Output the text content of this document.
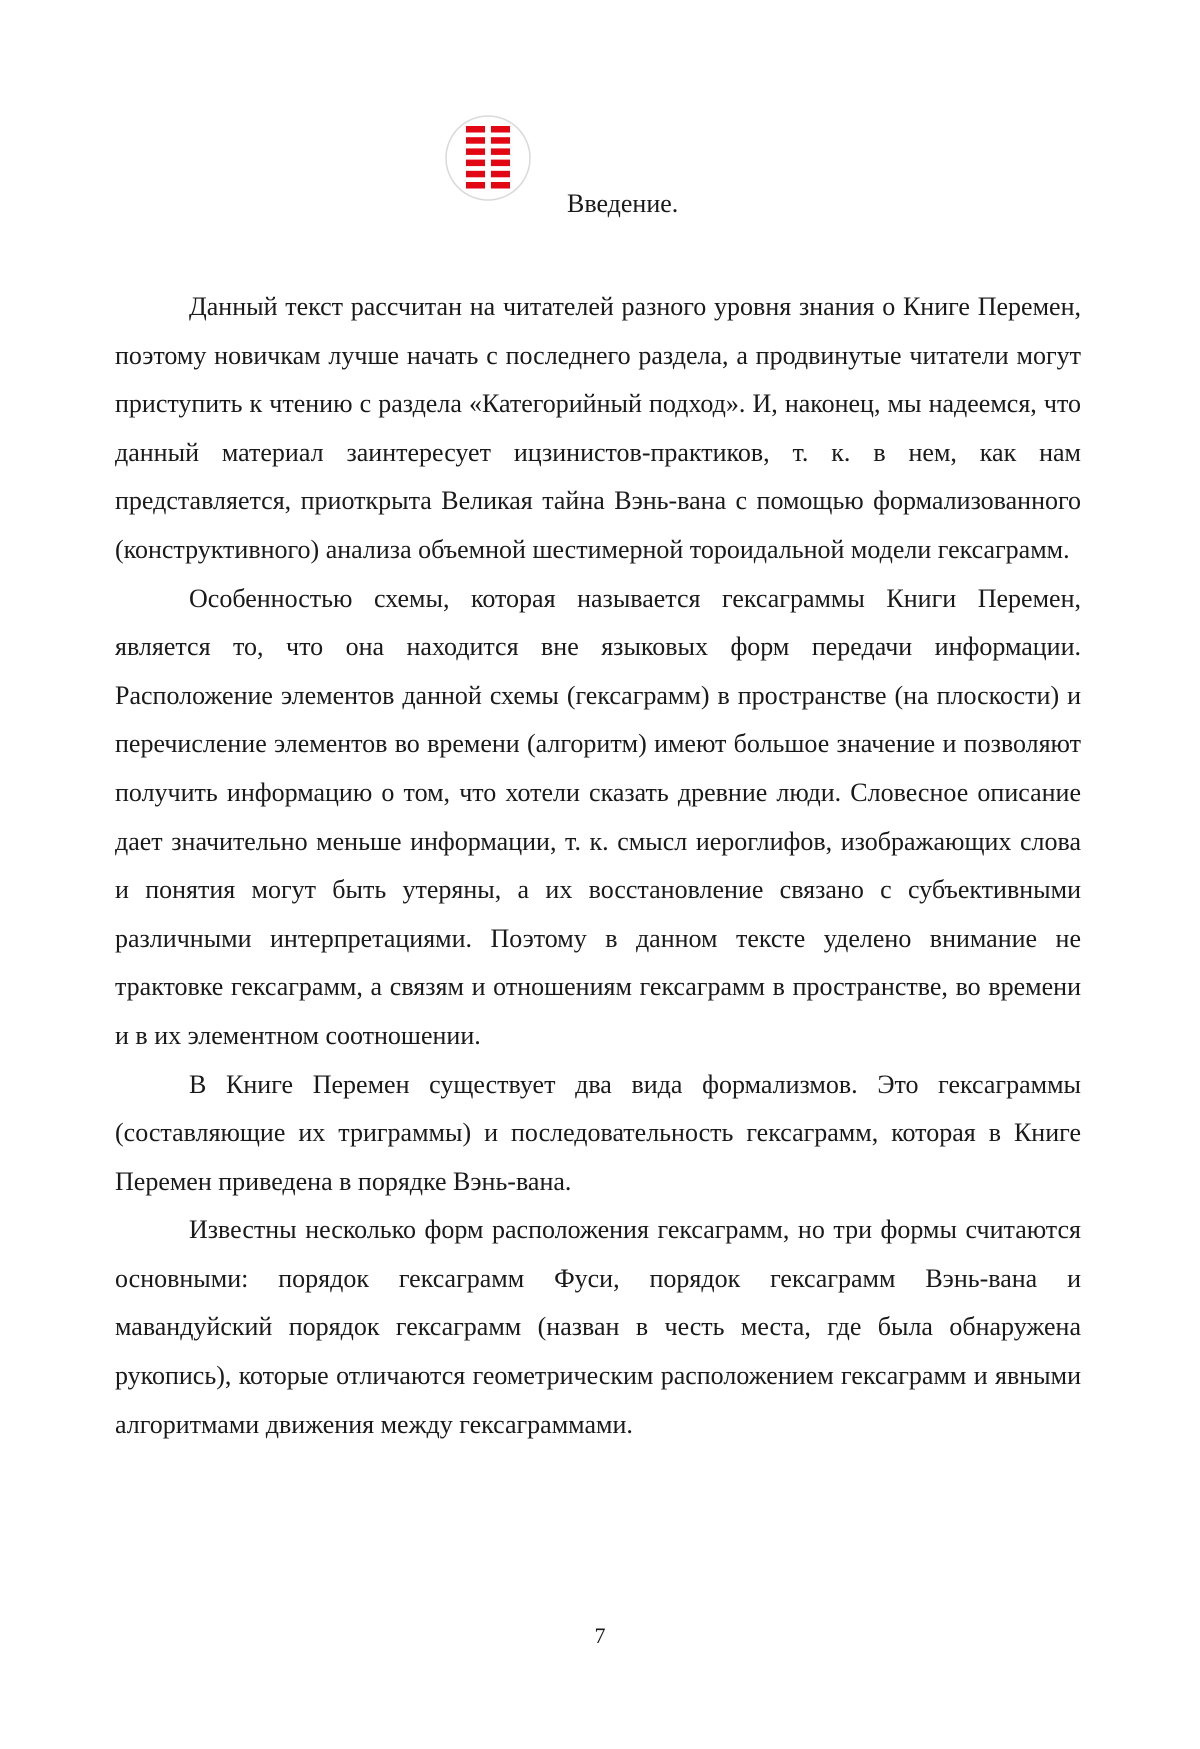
Введение.

Данный текст рассчитан на читателей разного уровня знания о Книге Перемен, поэтому новичкам лучше начать с последнего раздела, а продвинутые читатели могут приступить к чтению с раздела «Категорийный подход». И, наконец, мы надеемся, что данный материал заинтересует ицзинистов-практиков, т. к. в нем, как нам представляется, приоткрыта Великая тайна Вэнь-вана с помощью формализованного (конструктивного) анализа объемной шестимерной тороидальной модели гексаграмм.

Особенностью схемы, которая называется гексаграммы Книги Перемен, является то, что она находится вне языковых форм передачи информации. Расположение элементов данной схемы (гексаграмм) в пространстве (на плоскости) и перечисление элементов во времени (алгоритм) имеют большое значение и позволяют получить информацию о том, что хотели сказать древние люди. Словесное описание дает значительно меньше информации, т. к. смысл иероглифов, изображающих слова и понятия могут быть утеряны, а их восстановление связано с субъективными различными интерпретациями. Поэтому в данном тексте уделено внимание не трактовке гексаграмм, а связям и отношениям гексаграмм в пространстве, во времени и в их элементном соотношении.

В Книге Перемен существует два вида формализмов. Это гексаграммы (составляющие их триграммы) и последовательность гексаграмм, которая в Книге Перемен приведена в порядке Вэнь-вана.

Известны несколько форм расположения гексаграмм, но три формы считаются основными: порядок гексаграмм Фуси, порядок гексаграмм Вэнь-вана и мавандуйский порядок гексаграмм (назван в честь места, где была обнаружена рукопись), которые отличаются геометрическим расположением гексаграмм и явными алгоритмами движения между гексаграммами.

7
